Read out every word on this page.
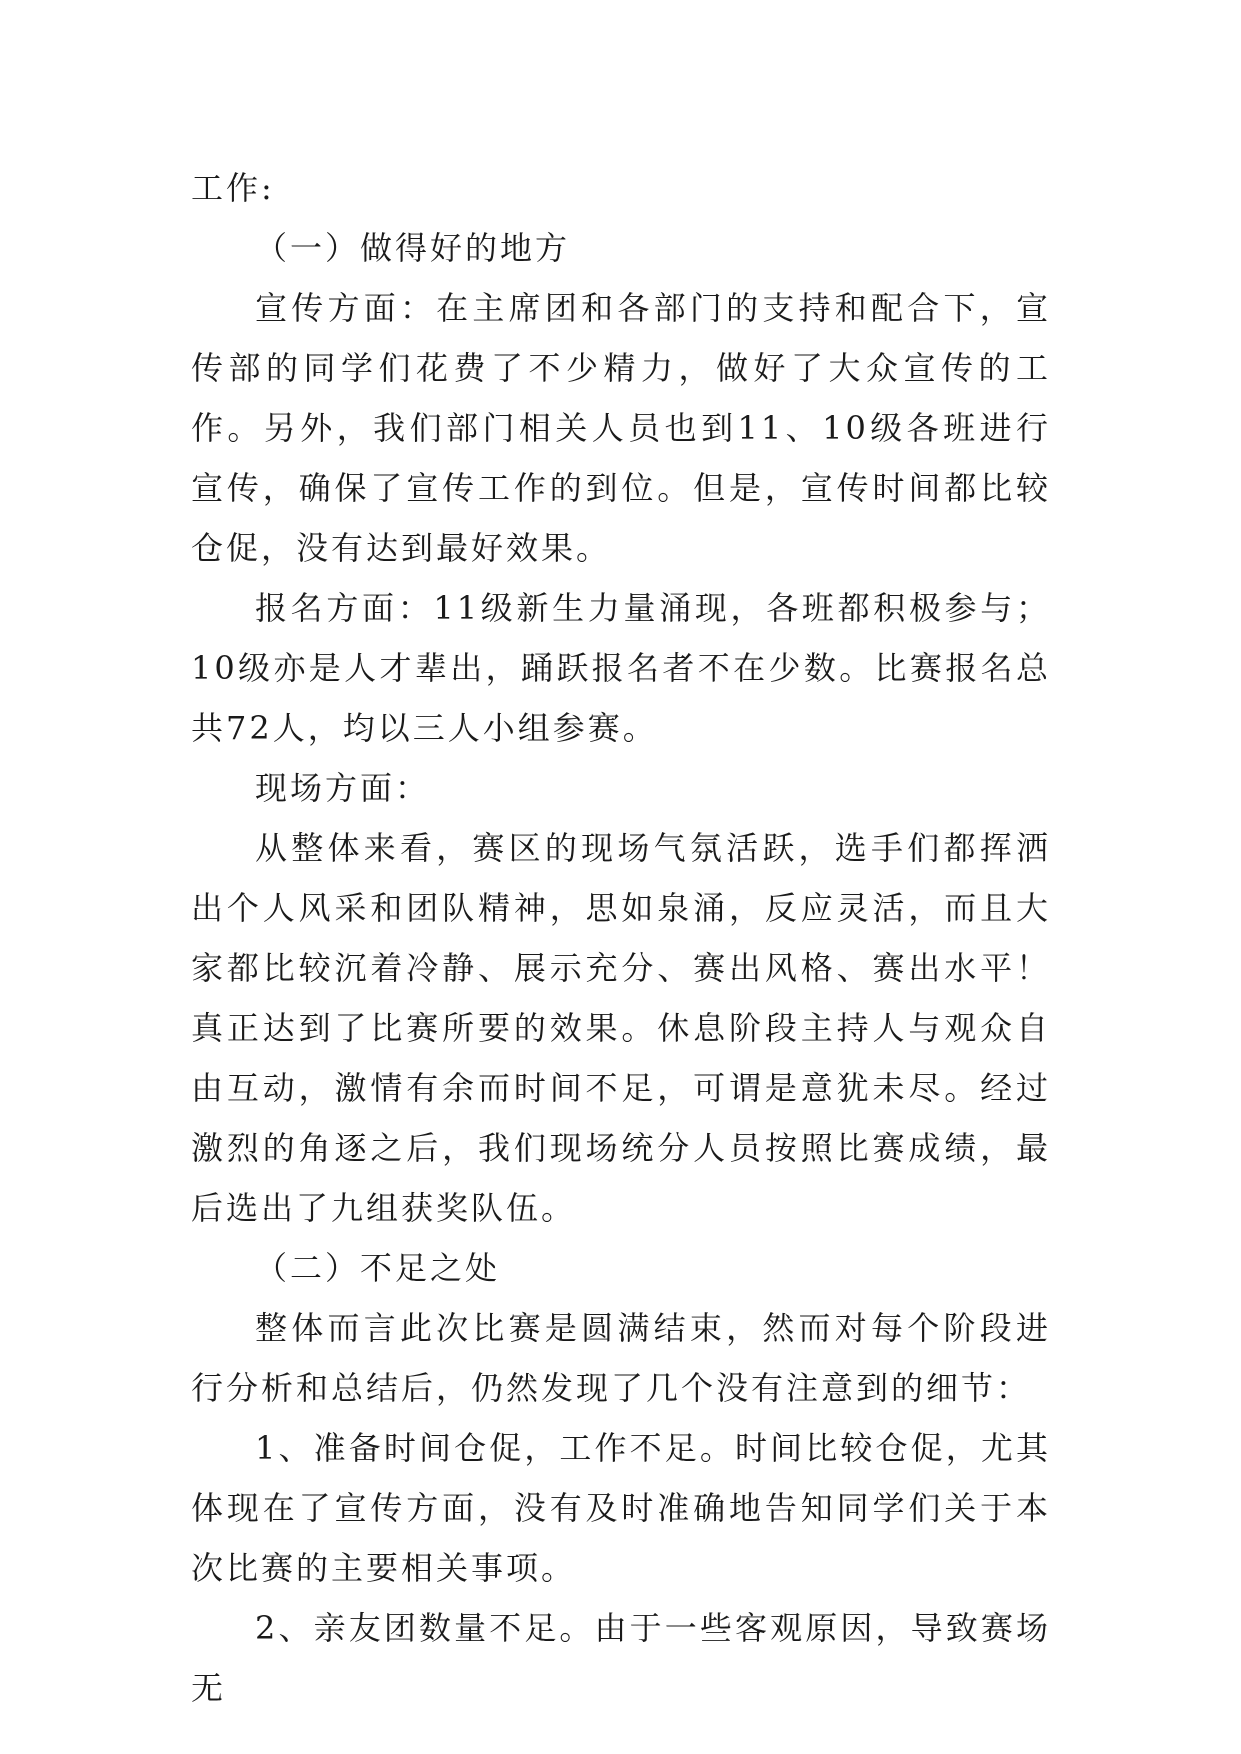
工作:

（一）做得好的地方

宣传方面：在主席团和各部门的支持和配合下，宣传部的同学们花费了不少精力，做好了大众宣传的工作。另外，我们部门相关人员也到11、10级各班进行宣传，确保了宣传工作的到位。但是，宣传时间都比较仓促，没有达到最好效果。

报名方面：11级新生力量涌现，各班都积极参与；10级亦是人才辈出，踊跃报名者不在少数。比赛报名总共72人，均以三人小组参赛。

现场方面：

从整体来看，赛区的现场气氛活跃，选手们都挥洒出个人风采和团队精神，思如泉涌，反应灵活，而且大家都比较沉着冷静、展示充分、赛出风格、赛出水平！真正达到了比赛所要的效果。休息阶段主持人与观众自由互动，激情有余而时间不足，可谓是意犹未尽。经过激烈的角逐之后，我们现场统分人员按照比赛成绩，最后选出了九组获奖队伍。

（二）不足之处

整体而言此次比赛是圆满结束，然而对每个阶段进行分析和总结后，仍然发现了几个没有注意到的细节：

1、准备时间仓促，工作不足。时间比较仓促，尤其体现在了宣传方面，没有及时准确地告知同学们关于本次比赛的主要相关事项。

2、亲友团数量不足。由于一些客观原因，导致赛场无
